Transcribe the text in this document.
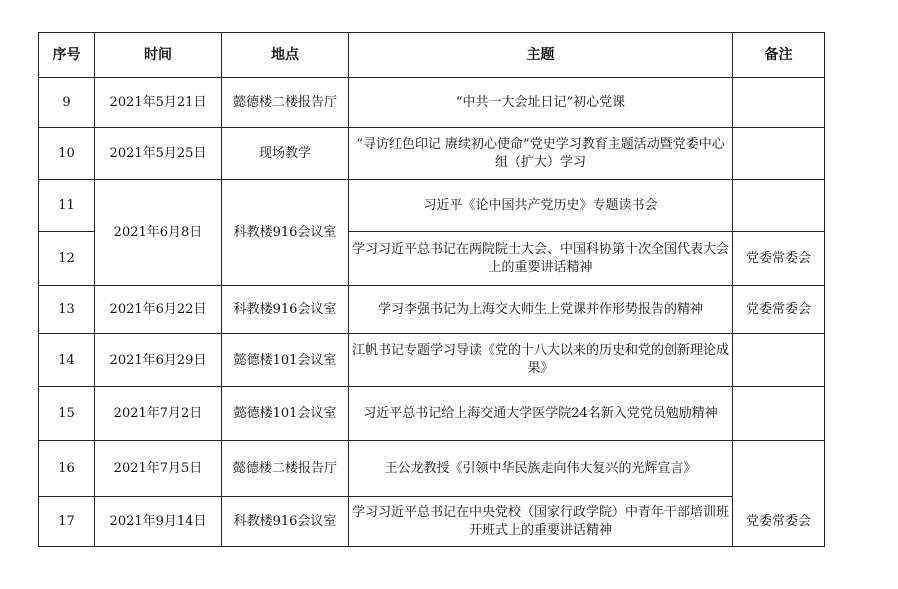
序号	时间	地点	主题	备注
9	2021年5月21日	懿德楼二楼报告厅	“中共一大会址日记”初心党课	
10	2021年5月25日	现场教学	“寻访红色印记 赓续初心使命”党史学习教育主题活动暨党委中心组（扩大）学习	
11	2021年6月8日	科教楼916会议室	习近平《论中国共产党历史》专题读书会	
12			学习习近平总书记在两院院士大会、中国科协第十次全国代表大会上的重要讲话精神	党委常委会
13	2021年6月22日	科教楼916会议室	学习李强书记为上海交大师生上党课并作形势报告的精神	党委常委会
14	2021年6月29日	懿德楼101会议室	江帆书记专题学习导读《党的十八大以来的历史和党的创新理论成果》	
15	2021年7月2日	懿德楼101会议室	习近平总书记给上海交通大学医学院24名新入党党员勉励精神	
16	2021年7月5日	懿德楼二楼报告厅	王公龙教授《引领中华民族走向伟大复兴的光辉宣言》	
17	2021年9月14日	科教楼916会议室	学习习近平总书记在中央党校（国家行政学院）中青年干部培训班开班式上的重要讲话精神	党委常委会
